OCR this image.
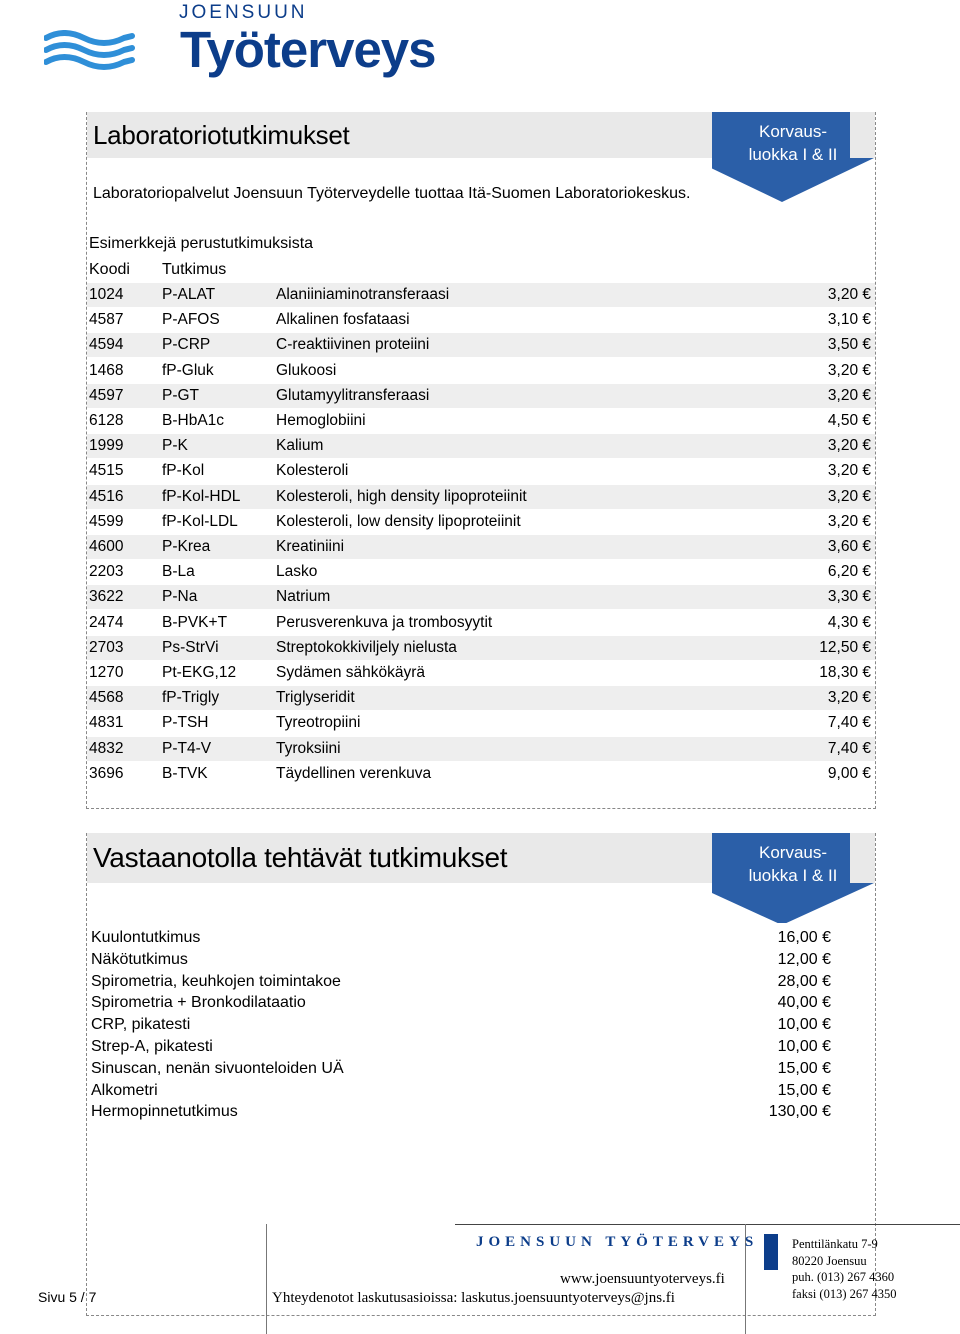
JOENSUUN
Työterveys
Laboratoriotutkimukset	Korvaus-
luokka I & II
Laboratoriopalvelut Joensuun Työterveydelle tuottaa Itä-Suomen Laboratoriokeskus.
Esimerkkejä perustutkimuksista
Koodi Tutkimus
1024 P-ALAT	Alaniiniaminotransferaasi	3,20 €
4587 P-AFOS	Alkalinen fosfataasi	3,10 €
4594 P-CRP	C-reaktiivinen proteiini	3,50 €
1468 fP-Gluk	Glukoosi	3,20 €
4597 P-GT	Glutamyylitransferaasi	3,20 €
6128 B-HbA1c	Hemoglobiini	4,50 €
1999 P-K	Kalium	3,20 €
4515 fP-Kol	Kolesteroli	3,20 €
4516 fP-Kol-HDL Kolesteroli, high density lipoproteiinit	3,20 €
4599 fP-Kol-LDL Kolesteroli, low density lipoproteiinit	3,20 €
4600 P-Krea	Kreatiniini	3,60 €
2203 B-La	Lasko	6,20 €
3622 P-Na	Natrium	3,30 €
2474 B-PVK+T	Perusverenkuva ja trombosyytit	4,30 €
2703 Ps-StrVi	Streptokokkiviljely nielusta	12,50 €
1270 Pt-EKG,12	Sydämen sähkökäyrä	18,30 €
4568 fP-Trigly	Triglyseridit	3,20 €
4831 P-TSH	Tyreotropiini	7,40 €
4832 P-T4-V	Tyroksiini	7,40 €
3696 B-TVK	Täydellinen verenkuva	9,00 €
Vastaanotolla tehtävät tutkimukset	Korvaus-
luokka I & II
Kuulontutkimus	16,00 €
Näkötutkimus	12,00 €
Spirometria, keuhkojen toimintakoe	28,00 €
Spirometria + Bronkodilataatio	40,00 €
CRP, pikatesti	10,00 €
Strep-A, pikatesti	10,00 €
Sinuscan, nenän sivuonteloiden UÄ	15,00 €
Alkometri	15,00 €
Hermopinnetutkimus	130,00 €
JOENSUUN TYÖTERVEYS
www.joensuuntyoterveys.fi
Yhteydenotot laskutusasioissa: laskutus.joensuuntyoterveys@jns.fi
Penttilänkatu 7-9
80220 Joensuu
puh. (013) 267 4360
faksi (013) 267 4350
Sivu 5 / 7
